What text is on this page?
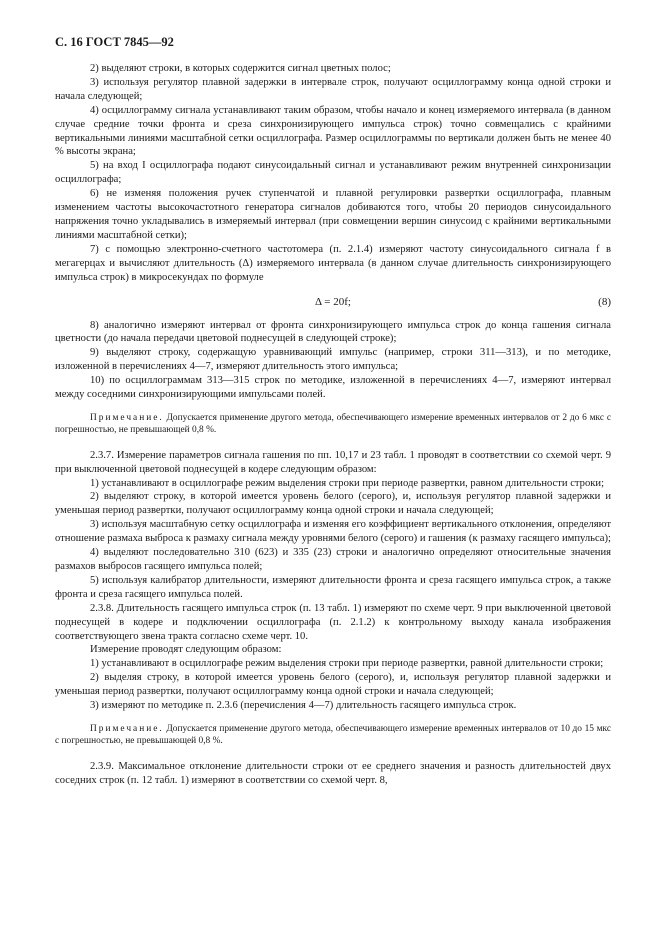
С. 16 ГОСТ 7845—92

2) выделяют строки, в которых содержится сигнал цветных полос;

3) используя регулятор плавной задержки в интервале строк, получают осциллограмму конца одной строки и начала следующей;

4) осциллограмму сигнала устанавливают таким образом, чтобы начало и конец измеряемого интервала (в данном случае средние точки фронта и среза синхронизирующего импульса строк) точно совмещались с крайними вертикальными линиями масштабной сетки осциллографа. Размер осциллограммы по вертикали должен быть не менее 40 % высоты экрана;

5) на вход I осциллографа подают синусоидальный сигнал и устанавливают режим внутренней синхронизации осциллографа;

6) не изменяя положения ручек ступенчатой и плавной регулировки развертки осциллографа, плавным изменением частоты высокочастотного генератора сигналов добиваются того, чтобы 20 периодов синусоидального напряжения точно укладывались в измеряемый интервал (при совмещении вершин синусоид с крайними вертикальными линиями масштабной сетки);

7) с помощью электронно-счетного частотомера (п. 2.1.4) измеряют частоту синусоидального сигнала f в мегагерцах и вычисляют длительность (Δ) измеряемого интервала (в данном случае длительность синхронизирующего импульса строк) в микросекундах по формуле

Δ = 20f;	(8)

8) аналогично измеряют интервал от фронта синхронизирующего импульса строк до конца гашения сигнала цветности (до начала передачи цветовой поднесущей в следующей строке);

9) выделяют строку, содержащую уравнивающий импульс (например, строки 311—313), и по методике, изложенной в перечислениях 4—7, измеряют длительность этого импульса;

10) по осциллограммам 313—315 строк по методике, изложенной в перечислениях 4—7, измеряют интервал между соседними синхронизирующими импульсами полей.

Примечание. Допускается применение другого метода, обеспечивающего измерение временных интервалов от 2 до 6 мкс с погрешностью, не превышающей 0,8 %.

2.3.7. Измерение параметров сигнала гашения по пп. 10,17 и 23 табл. 1 проводят в соответствии со схемой черт. 9 при выключенной цветовой поднесущей в кодере следующим образом:

1) устанавливают в осциллографе режим выделения строки при периоде развертки, равном длительности строки;

2) выделяют строку, в которой имеется уровень белого (серого), и, используя регулятор плавной задержки и уменьшая период развертки, получают осциллограмму конца одной строки и начала следующей;

3) используя масштабную сетку осциллографа и изменяя его коэффициент вертикального отклонения, определяют отношение размаха выброса к размаху сигнала между уровнями белого (серого) и гашения (к размаху гасящего импульса);

4) выделяют последовательно 310 (623) и 335 (23) строки и аналогично определяют относительные значения размахов выбросов гасящего импульса полей;

5) используя калибратор длительности, измеряют длительности фронта и среза гасящего импульса строк, а также фронта и среза гасящего импульса полей.

2.3.8. Длительность гасящего импульса строк (п. 13 табл. 1) измеряют по схеме черт. 9 при выключенной цветовой поднесущей в кодере и подключении осциллографа (п. 2.1.2) к контрольному выходу канала изображения соответствующего звена тракта согласно схеме черт. 10.

Измерение проводят следующим образом:

1) устанавливают в осциллографе режим выделения строки при периоде развертки, равной длительности строки;

2) выделяя строку, в которой имеется уровень белого (серого), и, используя регулятор плавной задержки и уменьшая период развертки, получают осциллограмму конца одной строки и начала следующей;

3) измеряют по методике п. 2.3.6 (перечисления 4—7) длительность гасящего импульса строк.

Примечание. Допускается применение другого метода, обеспечивающего измерение временных интервалов от 10 до 15 мкс с погрешностью, не превышающей 0,8 %.

2.3.9. Максимальное отклонение длительности строки от ее среднего значения и разность длительностей двух соседних строк (п. 12 табл. 1) измеряют в соответствии со схемой черт. 8,
